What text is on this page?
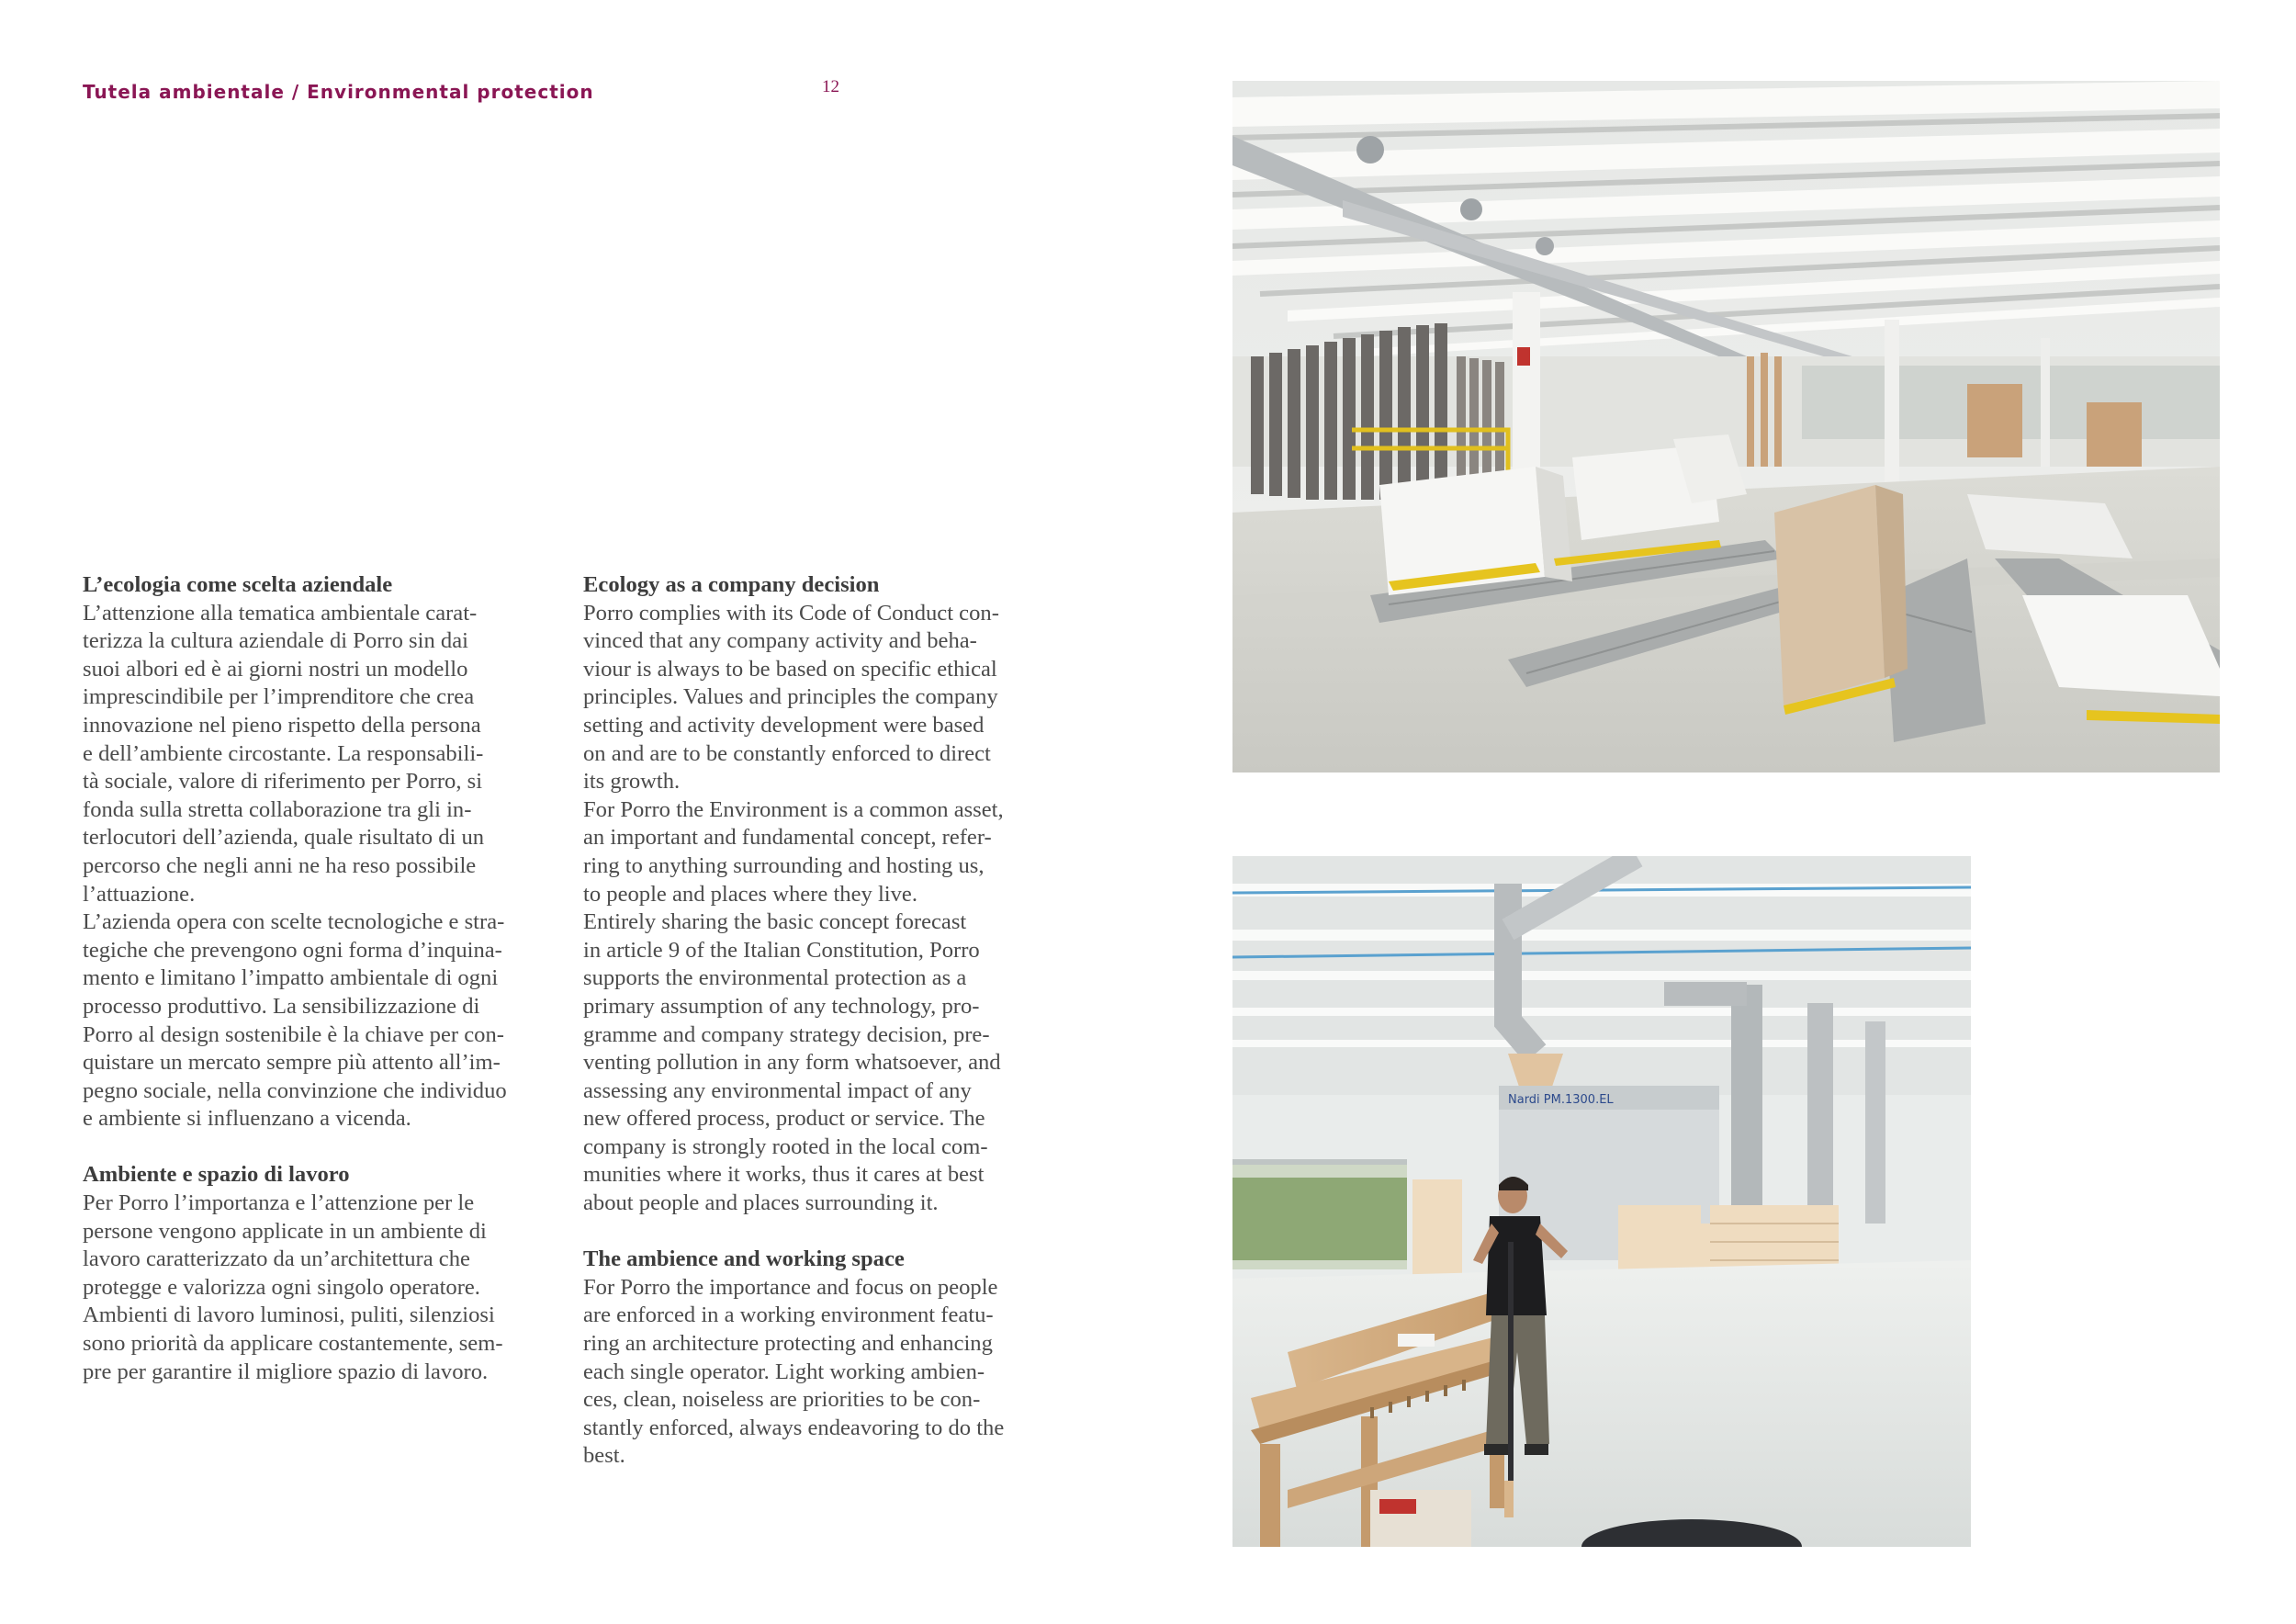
Tutela ambientale / Environmental protection	12
L’ecologia come scelta aziendale

L’attenzione alla tematica ambientale carat-
terizza la cultura aziendale di Porro sin dai
suoi albori ed è ai giorni nostri un modello
imprescindibile per l’imprenditore che crea
innovazione nel pieno rispetto della persona
e dell’ambiente circostante. La responsabili-
tà sociale, valore di riferimento per Porro, si
fonda sulla stretta collaborazione tra gli in-
terlocutori dell’azienda, quale risultato di un
percorso che negli anni ne ha reso possibile
l’attuazione.
L’azienda opera con scelte tecnologiche e stra-
tegiche che prevengono ogni forma d’inquina-
mento e limitano l’impatto ambientale di ogni
processo produttivo. La sensibilizzazione di
Porro al design sostenibile è la chiave per con-
quistare un mercato sempre più attento all’im-
pegno sociale, nella convinzione che individuo
e ambiente si influenzano a vicenda.

Ambiente e spazio di lavoro

Per Porro l’importanza e l’attenzione per le
persone vengono applicate in un ambiente di
lavoro caratterizzato da un’architettura che
protegge e valorizza ogni singolo operatore.
Ambienti di lavoro luminosi, puliti, silenziosi
sono priorità da applicare costantemente, sem-
pre per garantire il migliore spazio di lavoro.

Ecology as a company decision

Porro complies with its Code of Conduct con-
vinced that any company activity and beha-
viour is always to be based on specific ethical
principles. Values and principles the company
setting and activity development were based
on and are to be constantly enforced to direct
its growth.
For Porro the Environment is a common asset,
an important and fundamental concept, refer-
ring to anything surrounding and hosting us,
to people and places where they live.
Entirely sharing the basic concept forecast
in article 9 of the Italian Constitution, Porro
supports the environmental protection as a
primary assumption of any technology, pro-
gramme and company strategy decision, pre-
venting pollution in any form whatsoever, and
assessing any environmental impact of any
new offered process, product or service. The
company is strongly rooted in the local com-
munities where it works, thus it cares at best
about people and places surrounding it.

The ambience and working space

For Porro the importance and focus on people
are enforced in a working environment featu-
ring an architecture protecting and enhancing
each single operator. Light working ambien-
ces, clean, noiseless are priorities to be con-
stantly enforced, always endeavoring to do the
best.

Nardi PM.1300.EL
